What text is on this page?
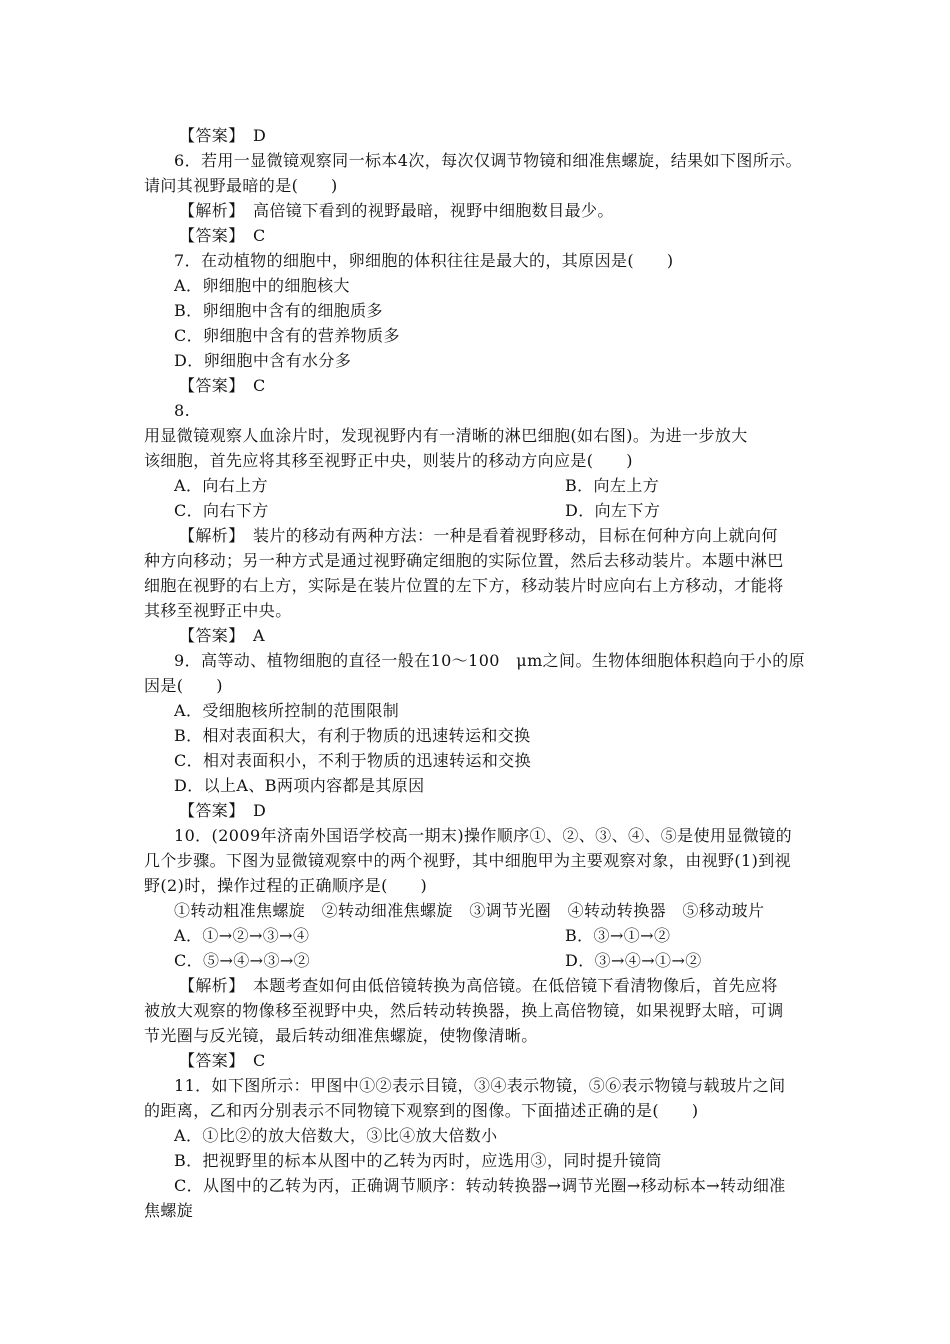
【答案】　D
6．若用一显微镜观察同一标本4次，每次仅调节物镜和细准焦螺旋，结果如下图所示。
请问其视野最暗的是(　　)
【解析】　高倍镜下看到的视野最暗，视野中细胞数目最少。
【答案】　C
7．在动植物的细胞中，卵细胞的体积往往是最大的，其原因是(　　)
A．卵细胞中的细胞核大
B．卵细胞中含有的细胞质多
C．卵细胞中含有的营养物质多
D．卵细胞中含有水分多
【答案】　C
8.
用显微镜观察人血涂片时，发现视野内有一清晰的淋巴细胞(如右图)。为进一步放大
该细胞，首先应将其移至视野正中央，则装片的移动方向应是(　　)
A．向右上方	B．向左上方
C．向右下方	D．向左下方
【解析】　装片的移动有两种方法：一种是看着视野移动，目标在何种方向上就向何
种方向移动；另一种方式是通过视野确定细胞的实际位置，然后去移动装片。本题中淋巴
细胞在视野的右上方，实际是在装片位置的左下方，移动装片时应向右上方移动，才能将
其移至视野正中央。
【答案】　A
9．高等动、植物细胞的直径一般在10～100　μm之间。生物体细胞体积趋向于小的原
因是(　　)
A．受细胞核所控制的范围限制
B．相对表面积大，有利于物质的迅速转运和交换
C．相对表面积小，不利于物质的迅速转运和交换
D．以上A、B两项内容都是其原因
【答案】　D
10．(2009年济南外国语学校高一期末)操作顺序①、②、③、④、⑤是使用显微镜的
几个步骤。下图为显微镜观察中的两个视野，其中细胞甲为主要观察对象，由视野(1)到视
野(2)时，操作过程的正确顺序是(　　)
①转动粗准焦螺旋　②转动细准焦螺旋　③调节光圈　④转动转换器　⑤移动玻片
A．①→②→③→④	B．③→①→②
C．⑤→④→③→②	D．③→④→①→②
【解析】　本题考查如何由低倍镜转换为高倍镜。在低倍镜下看清物像后，首先应将
被放大观察的物像移至视野中央，然后转动转换器，换上高倍物镜，如果视野太暗，可调
节光圈与反光镜，最后转动细准焦螺旋，使物像清晰。
【答案】　C
11．如下图所示：甲图中①②表示目镜，③④表示物镜，⑤⑥表示物镜与载玻片之间
的距离，乙和丙分别表示不同物镜下观察到的图像。下面描述正确的是(　　)
A．①比②的放大倍数大，③比④放大倍数小
B．把视野里的标本从图中的乙转为丙时，应选用③，同时提升镜筒
C．从图中的乙转为丙，正确调节顺序：转动转换器→调节光圈→移动标本→转动细准
焦螺旋
